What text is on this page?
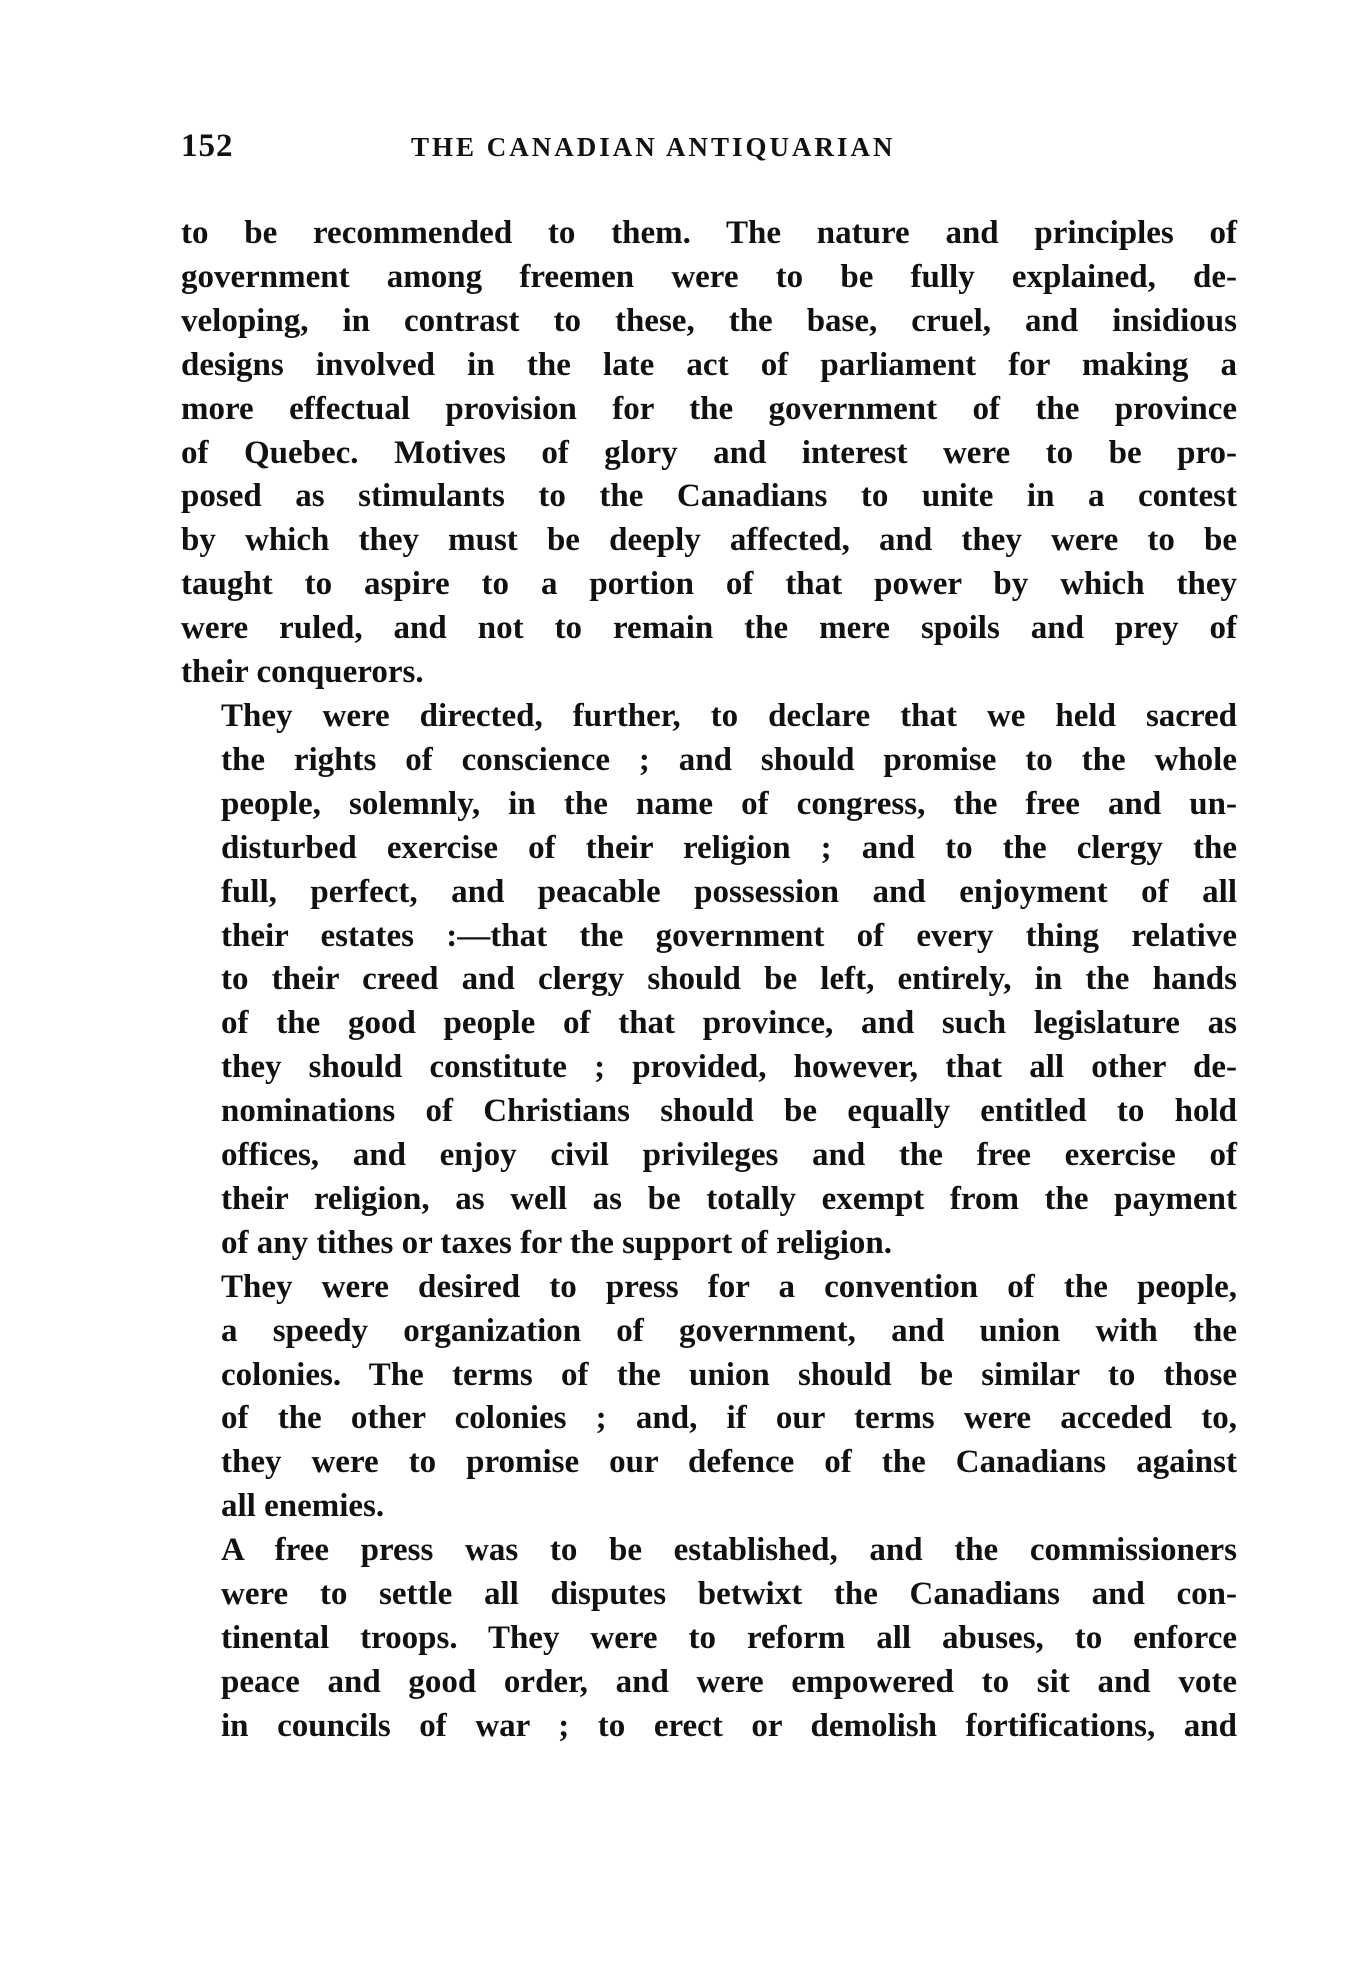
152	THE CANADIAN ANTIQUARIAN

to be recommended to them. The nature and principles of
government among freemen were to be fully explained, de-
veloping, in contrast to these, the base, cruel, and insidious
designs involved in the late act of parliament for making a
more effectual provision for the government of the province
of Quebec. Motives of glory and interest were to be pro-
posed as stimulants to the Canadians to unite in a contest
by which they must be deeply affected, and they were to be
taught to aspire to a portion of that power by which they
were ruled, and not to remain the mere spoils and prey of
their conquerors.

They were directed, further, to declare that we held sacred
the rights of conscience ; and should promise to the whole
people, solemnly, in the name of congress, the free and un-
disturbed exercise of their religion ; and to the clergy the
full, perfect, and peacable possession and enjoyment of all
their estates :—that the government of every thing relative
to their creed and clergy should be left, entirely, in the hands
of the good people of that province, and such legislature as
they should constitute ; provided, however, that all other de-
nominations of Christians should be equally entitled to hold
offices, and enjoy civil privileges and the free exercise of
their religion, as well as be totally exempt from the payment
of any tithes or taxes for the support of religion.

They were desired to press for a convention of the people,
a speedy organization of government, and union with the
colonies. The terms of the union should be similar to those
of the other colonies ; and, if our terms were acceded to,
they were to promise our defence of the Canadians against
all enemies.

A free press was to be established, and the commissioners
were to settle all disputes betwixt the Canadians and con-
tinental troops. They were to reform all abuses, to enforce
peace and good order, and were empowered to sit and vote
in councils of war ; to erect or demolish fortifications, and
